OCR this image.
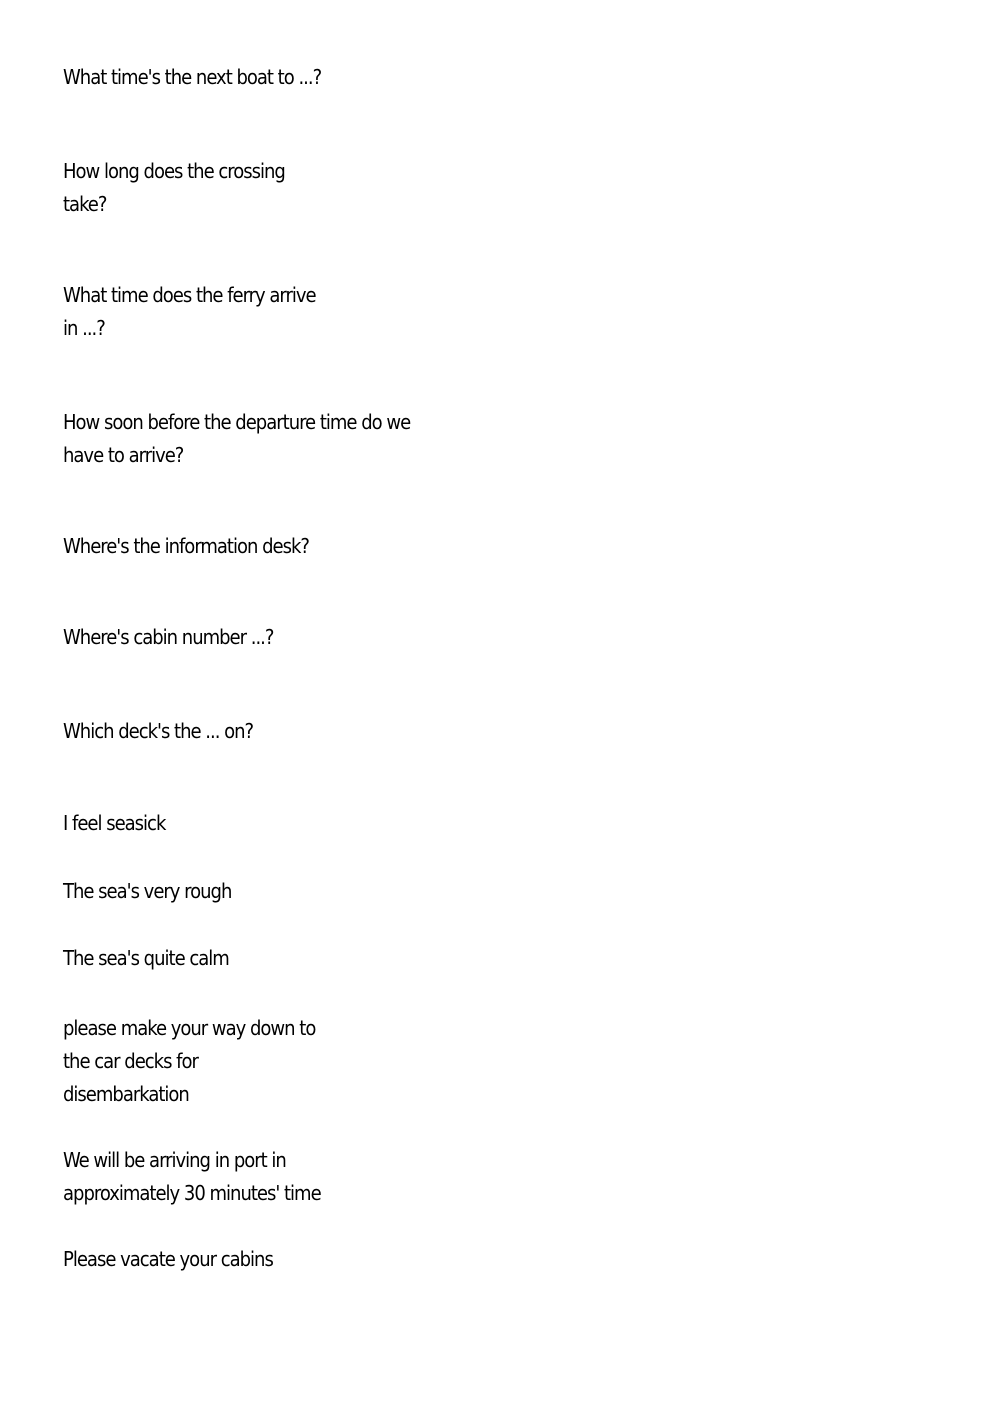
What time's the next boat to ...?

How long does the crossing
take?

What time does the ferry arrive
in ...?

How soon before the departure time do we
have to arrive?

Where's the information desk?

Where's cabin number ...?

Which deck's the ... on?

I feel seasick

The sea's very rough

The sea's quite calm

please make your way down to
the car decks for
disembarkation

We will be arriving in port in
approximately 30 minutes' time

Please vacate your cabins
